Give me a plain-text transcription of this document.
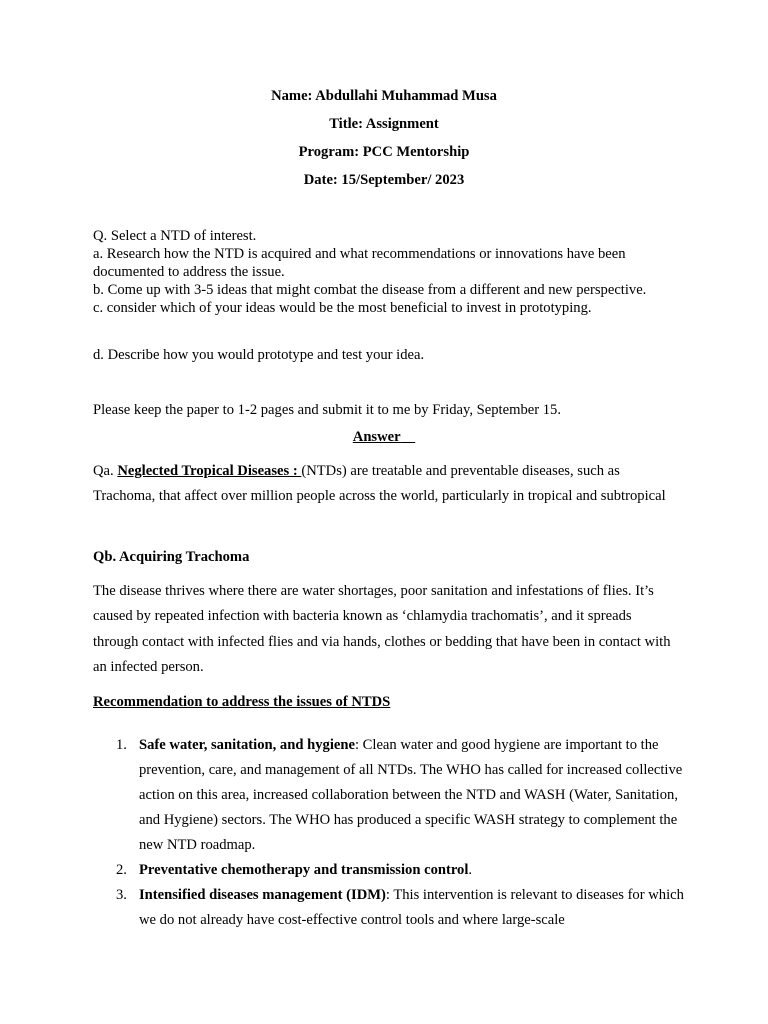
Name: Abdullahi Muhammad Musa
Title: Assignment
Program: PCC Mentorship
Date: 15/September/ 2023
Q. Select a NTD of interest.
a. Research how the NTD is acquired and what recommendations or innovations have been documented to address the issue.
b. Come up with 3-5 ideas that might combat the disease from a different and new perspective.
c. consider which of your ideas would be the most beneficial to invest in prototyping.
d. Describe how you would prototype and test your idea.
Please keep the paper to 1-2 pages and submit it to me by Friday, September 15.
Answer
Qa. Neglected Tropical Diseases : (NTDs) are treatable and preventable diseases, such as Trachoma, that affect over million people across the world, particularly in tropical and subtropical
Qb. Acquiring Trachoma
The disease thrives where there are water shortages, poor sanitation and infestations of flies. It’s caused by repeated infection with bacteria known as ‘chlamydia trachomatis’, and it spreads through contact with infected flies and via hands, clothes or bedding that have been in contact with an infected person.
Recommendation to address the issues of NTDS
1. Safe water, sanitation, and hygiene: Clean water and good hygiene are important to the prevention, care, and management of all NTDs. The WHO has called for increased collective action on this area, increased collaboration between the NTD and WASH (Water, Sanitation, and Hygiene) sectors. The WHO has produced a specific WASH strategy to complement the new NTD roadmap.
2. Preventative chemotherapy and transmission control.
3. Intensified diseases management (IDM): This intervention is relevant to diseases for which we do not already have cost-effective control tools and where large-scale
